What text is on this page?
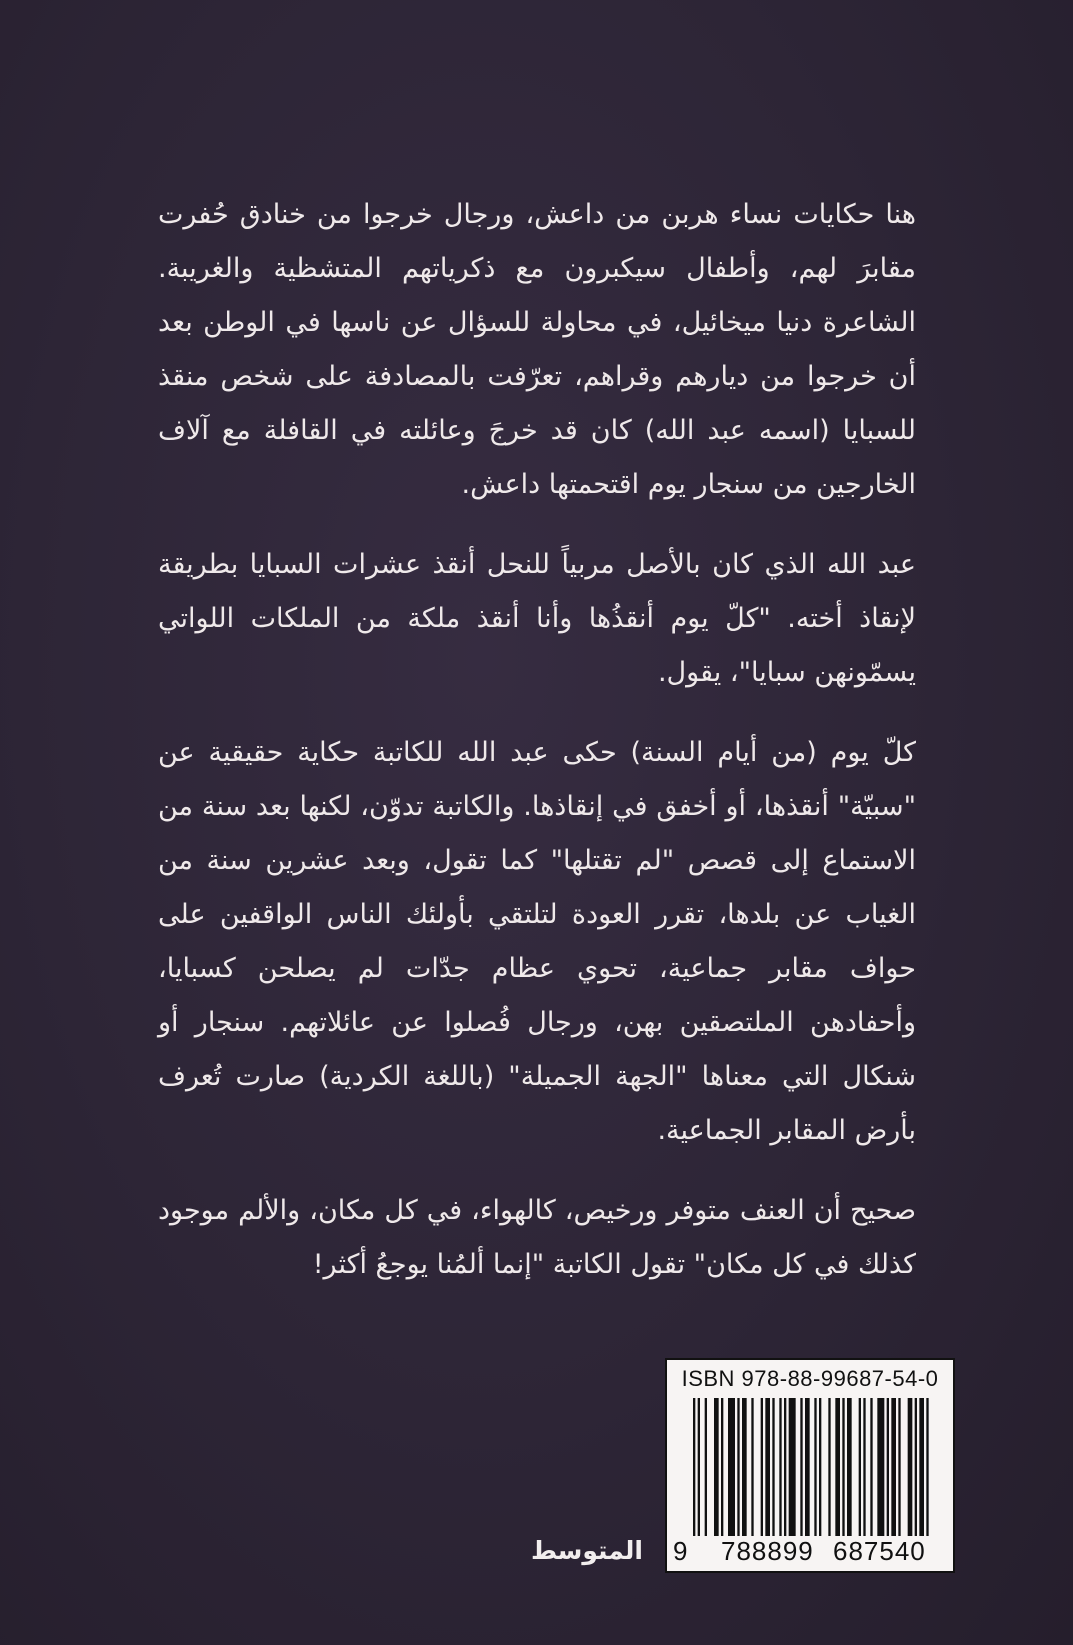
هنا حكايات نساء هربن من داعش، ورجال خرجوا من خنادق حُفرت مقابرَ لهم، وأطفال سيكبرون مع ذكرياتهم المتشظية والغريبة. الشاعرة دنيا ميخائيل، في محاولة للسؤال عن ناسها في الوطن بعد أن خرجوا من ديارهم وقراهم، تعرّفت بالمصادفة على شخص منقذ للسبايا (اسمه عبد الله) كان قد خرجَ وعائلته في القافلة مع آلاف الخارجين من سنجار يوم اقتحمتها داعش.

عبد الله الذي كان بالأصل مربياً للنحل أنقذ عشرات السبايا بطريقة لإنقاذ أخته. "كلّ يوم أنقذُها وأنا أنقذ ملكة من الملكات اللواتي يسمّونهن سبايا"، يقول.

كلّ يوم (من أيام السنة) حكى عبد الله للكاتبة حكاية حقيقية عن "سبيّة" أنقذها، أو أخفق في إنقاذها. والكاتبة تدوّن، لكنها بعد سنة من الاستماع إلى قصص "لم تقتلها" كما تقول، وبعد عشرين سنة من الغياب عن بلدها، تقرر العودة لتلتقي بأولئك الناس الواقفين على حواف مقابر جماعية، تحوي عظام جدّات لم يصلحن كسبايا، وأحفادهن الملتصقين بهن، ورجال فُصلوا عن عائلاتهم. سنجار أو شنكال التي معناها "الجهة الجميلة" (باللغة الكردية) صارت تُعرف بأرض المقابر الجماعية.

صحيح أن العنف متوفر ورخيص، كالهواء، في كل مكان، والألم موجود كذلك في كل مكان" تقول الكاتبة "إنما ألمُنا يوجعُ أكثر!

ISBN 978-88-99687-54-0
9 788899 687540
المتوسط
